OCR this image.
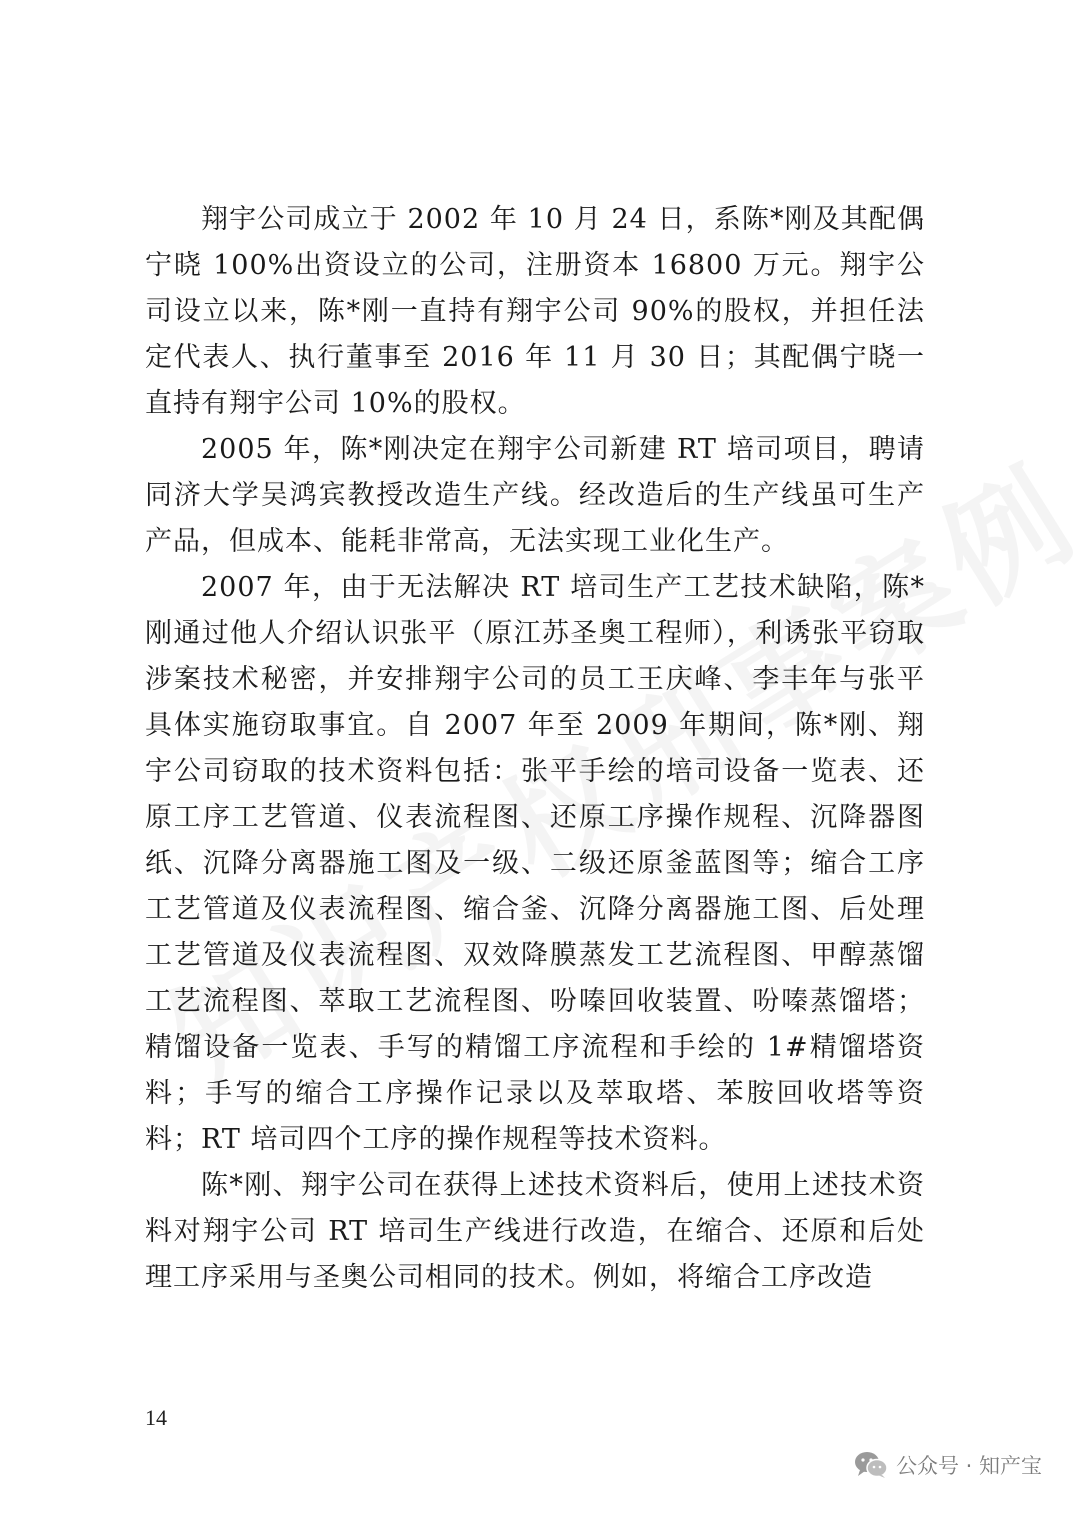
翔宇公司成立于 2002 年 10 月 24 日，系陈*刚及其配偶宁晓 100%出资设立的公司，注册资本 16800 万元。翔宇公司设立以来，陈*刚一直持有翔宇公司 90%的股权，并担任法定代表人、执行董事至 2016 年 11 月 30 日；其配偶宁晓一直持有翔宇公司 10%的股权。

2005 年，陈*刚决定在翔宇公司新建 RT 培司项目，聘请同济大学吴鸿宾教授改造生产线。经改造后的生产线虽可生产产品，但成本、能耗非常高，无法实现工业化生产。

2007 年，由于无法解决 RT 培司生产工艺技术缺陷，陈*刚通过他人介绍认识张平（原江苏圣奥工程师），利诱张平窃取涉案技术秘密，并安排翔宇公司的员工王庆峰、李丰年与张平具体实施窃取事宜。自 2007 年至 2009 年期间，陈*刚、翔宇公司窃取的技术资料包括：张平手绘的培司设备一览表、还原工序工艺管道、仪表流程图、还原工序操作规程、沉降器图纸、沉降分离器施工图及一级、二级还原釜蓝图等；缩合工序工艺管道及仪表流程图、缩合釜、沉降分离器施工图、后处理工艺管道及仪表流程图、双效降膜蒸发工艺流程图、甲醇蒸馏工艺流程图、萃取工艺流程图、吩嗪回收装置、吩嗪蒸馏塔；精馏设备一览表、手写的精馏工序流程和手绘的 1#精馏塔资料；手写的缩合工序操作记录以及萃取塔、苯胺回收塔等资料；RT 培司四个工序的操作规程等技术资料。

陈*刚、翔宇公司在获得上述技术资料后，使用上述技术资料对翔宇公司 RT 培司生产线进行改造，在缩合、还原和后处理工序采用与圣奥公司相同的技术。例如，将缩合工序改造

14
公众号 · 知产宝
